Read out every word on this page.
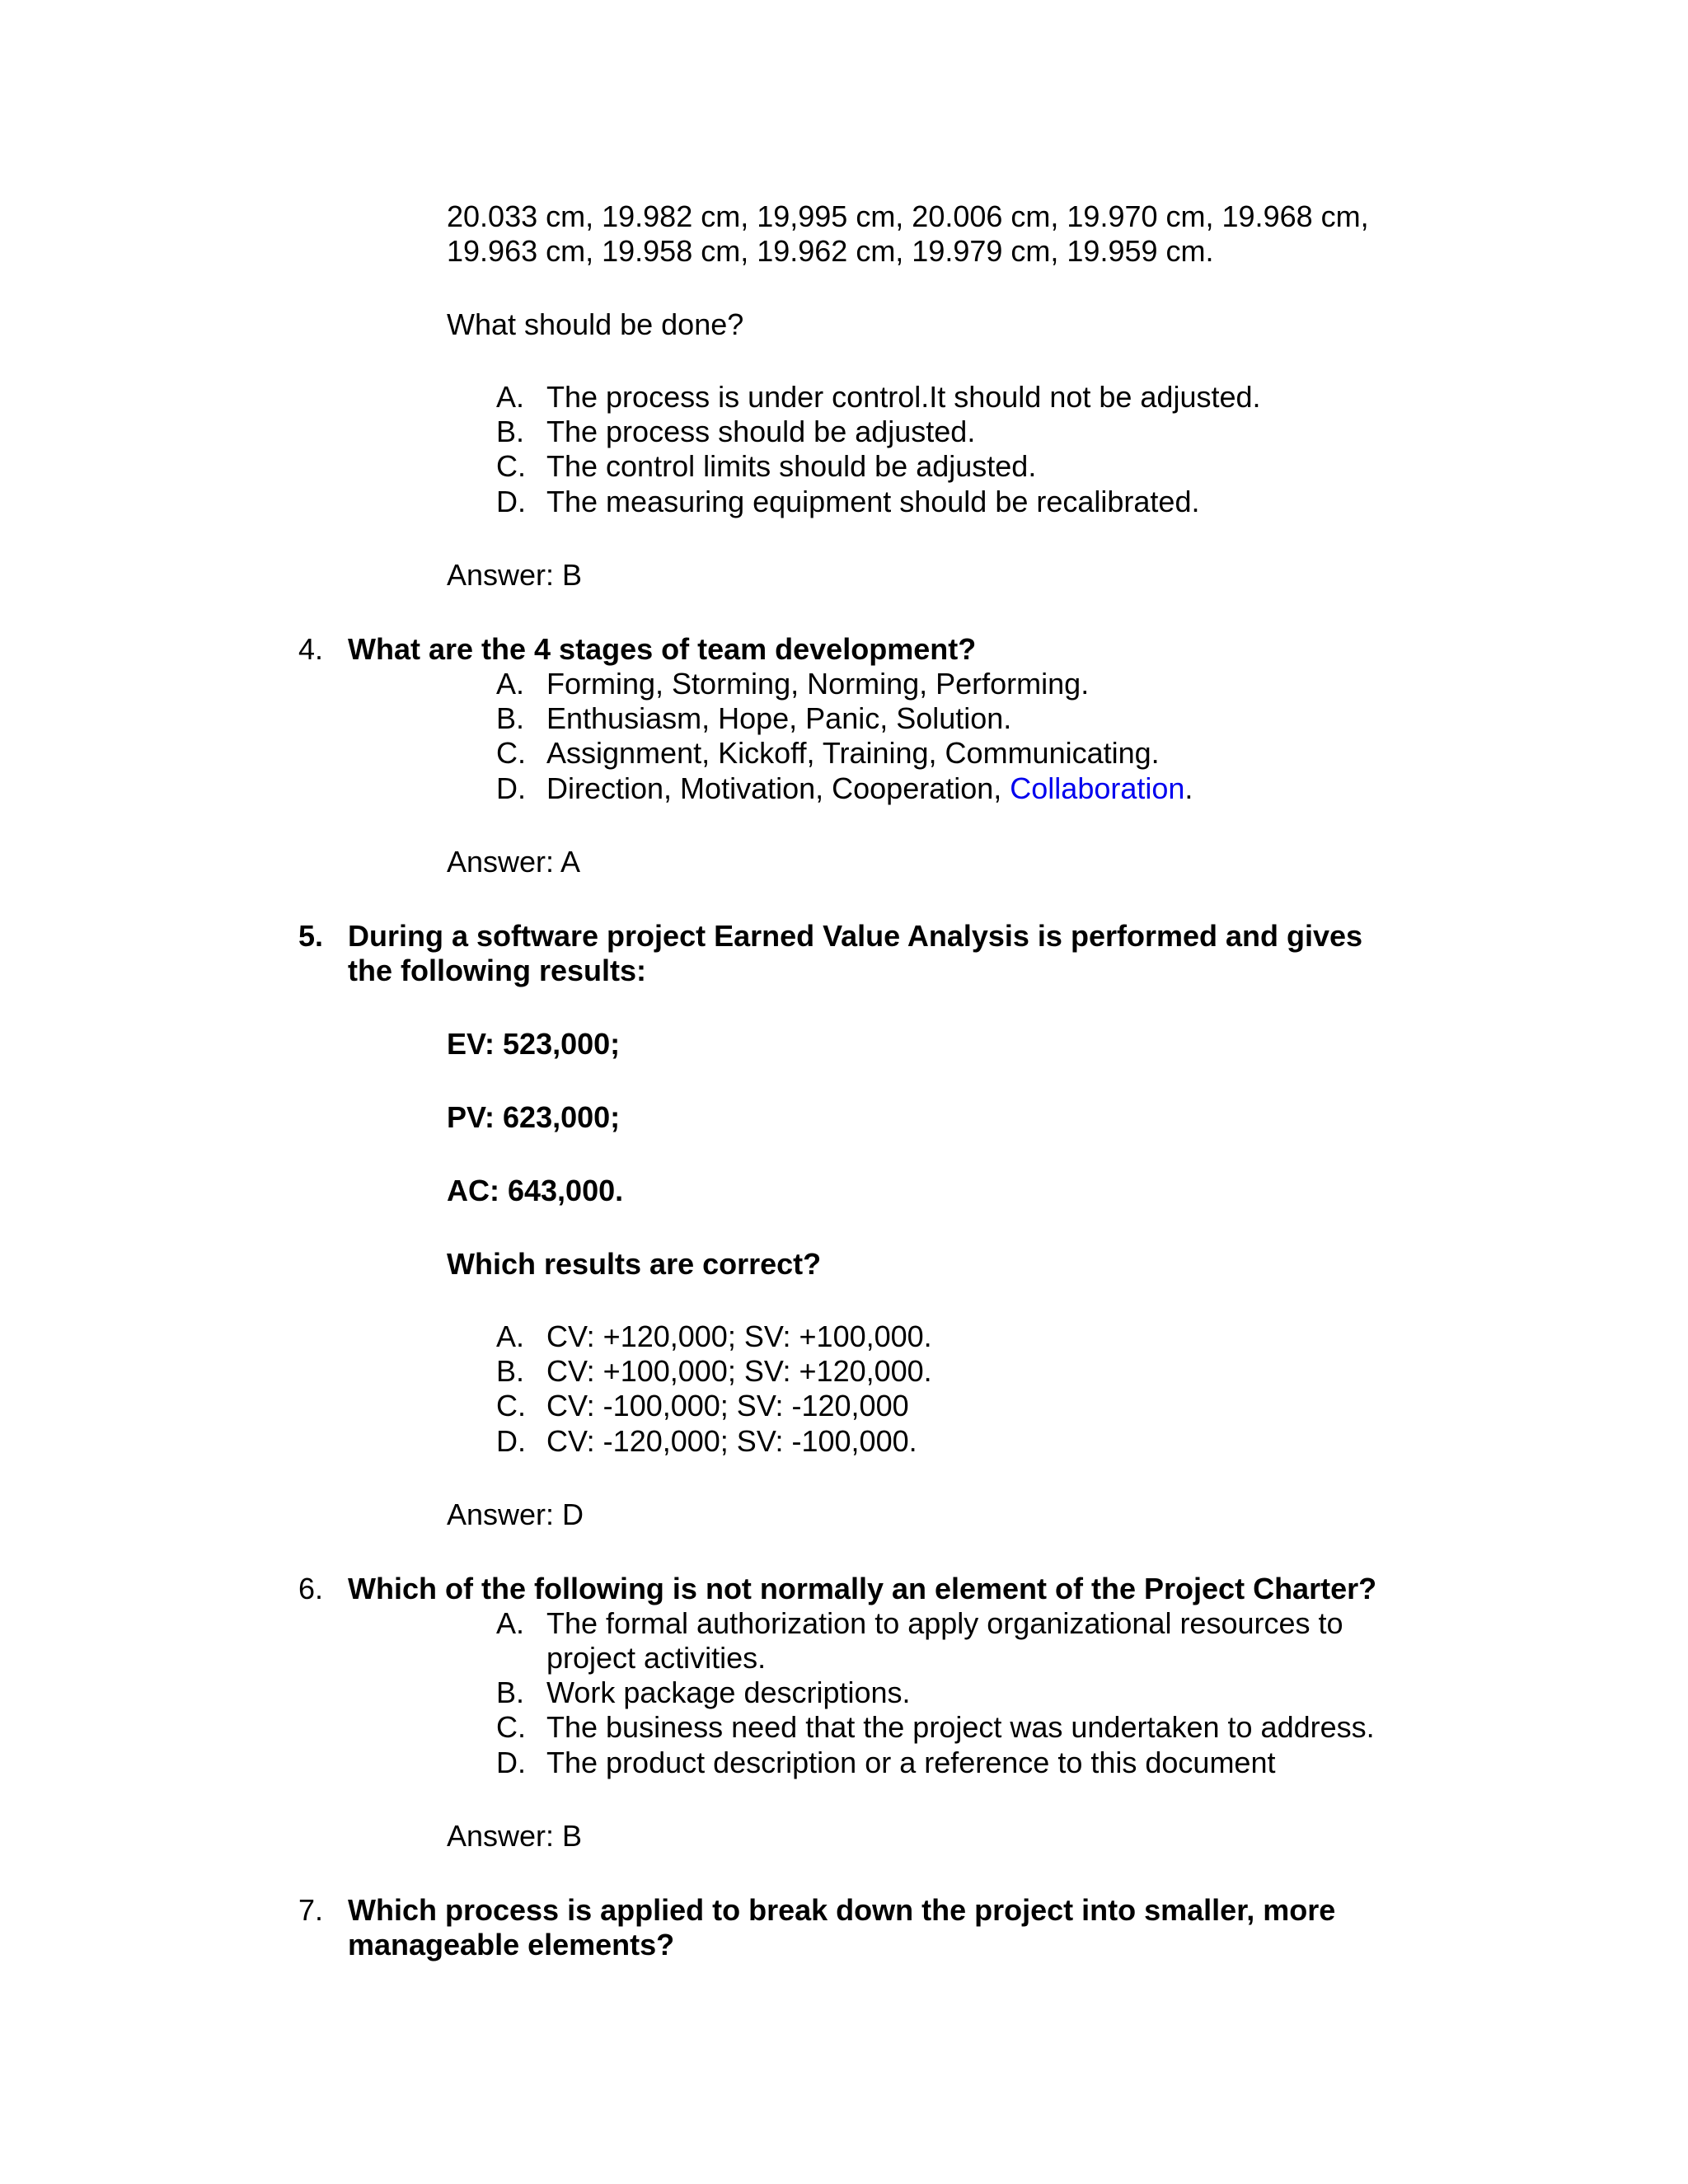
20.033 cm, 19.982 cm, 19,995 cm, 20.006 cm, 19.970 cm, 19.968 cm,
19.963 cm, 19.958 cm, 19.962 cm, 19.979 cm, 19.959 cm.
What should be done?
A. The process is under control.It should not be adjusted.
B. The process should be adjusted.
C. The control limits should be adjusted.
D. The measuring equipment should be recalibrated.
Answer: B
4. What are the 4 stages of team development?
A. Forming, Storming, Norming, Performing.
B. Enthusiasm, Hope, Panic, Solution.
C. Assignment, Kickoff, Training, Communicating.
D. Direction, Motivation, Cooperation, Collaboration.
Answer: A
5. During a software project Earned Value Analysis is performed and gives
the following results:
EV: 523,000;
PV: 623,000;
AC: 643,000.
Which results are correct?
A. CV: +120,000; SV: +100,000.
B. CV: +100,000; SV: +120,000.
C. CV: -100,000; SV: -120,000
D. CV: -120,000; SV: -100,000.
Answer: D
6. Which of the following is not normally an element of the Project Charter?
A. The formal authorization to apply organizational resources to
project activities.
B. Work package descriptions.
C. The business need that the project was undertaken to address.
D. The product description or a reference to this document
Answer: B
7. Which process is applied to break down the project into smaller, more
manageable elements?
